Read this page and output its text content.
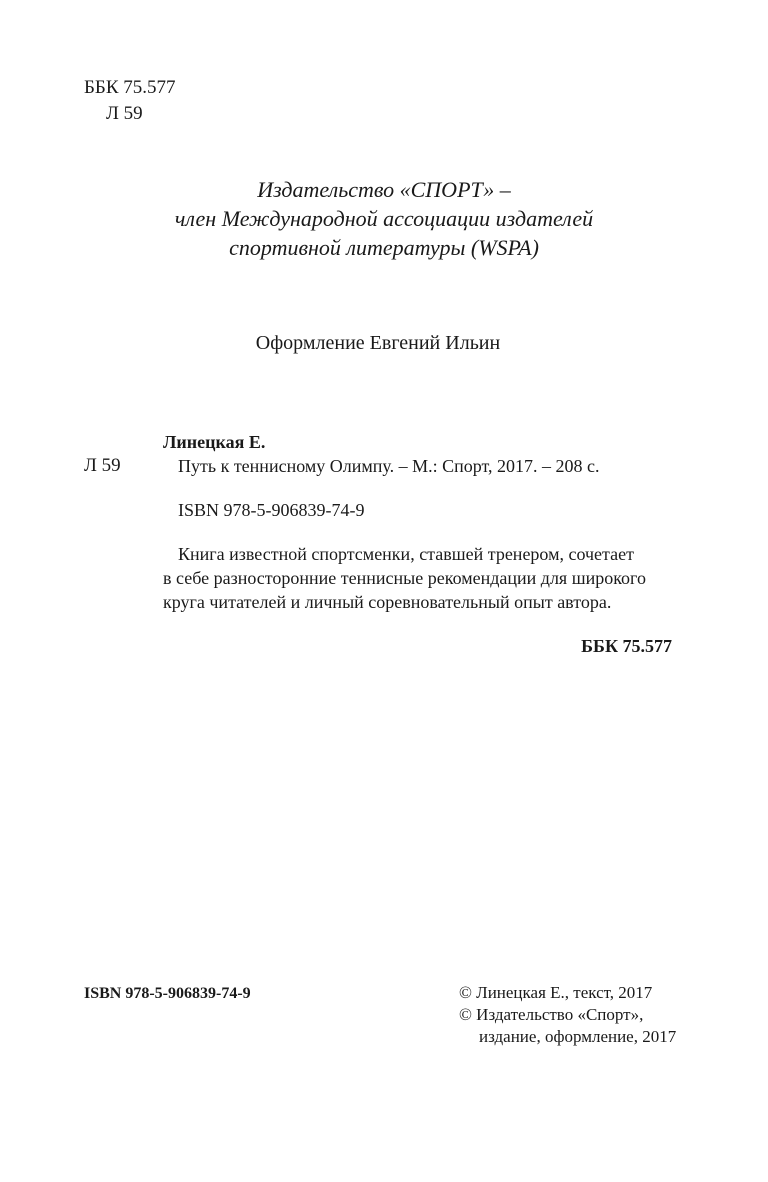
ББК 75.577
Л 59
Издательство «СПОРТ» –
член Международной ассоциации издателей
спортивной литературы (WSPA)
Оформление Евгений Ильин
Линецкая Е.
Л 59	Путь к теннисному Олимпу. – М.: Спорт, 2017. – 208 с.
ISBN 978-5-906839-74-9

Книга известной спортсменки, ставшей тренером, сочетает

в себе разносторонние теннисные рекомендации для широкого

круга читателей и личный соревновательный опыт автора.

ББК 75.577
ISBN 978-5-906839-74-9	© Линецкая Е., текст, 2017
© Издательство «Спорт»,
издание, оформление, 2017
